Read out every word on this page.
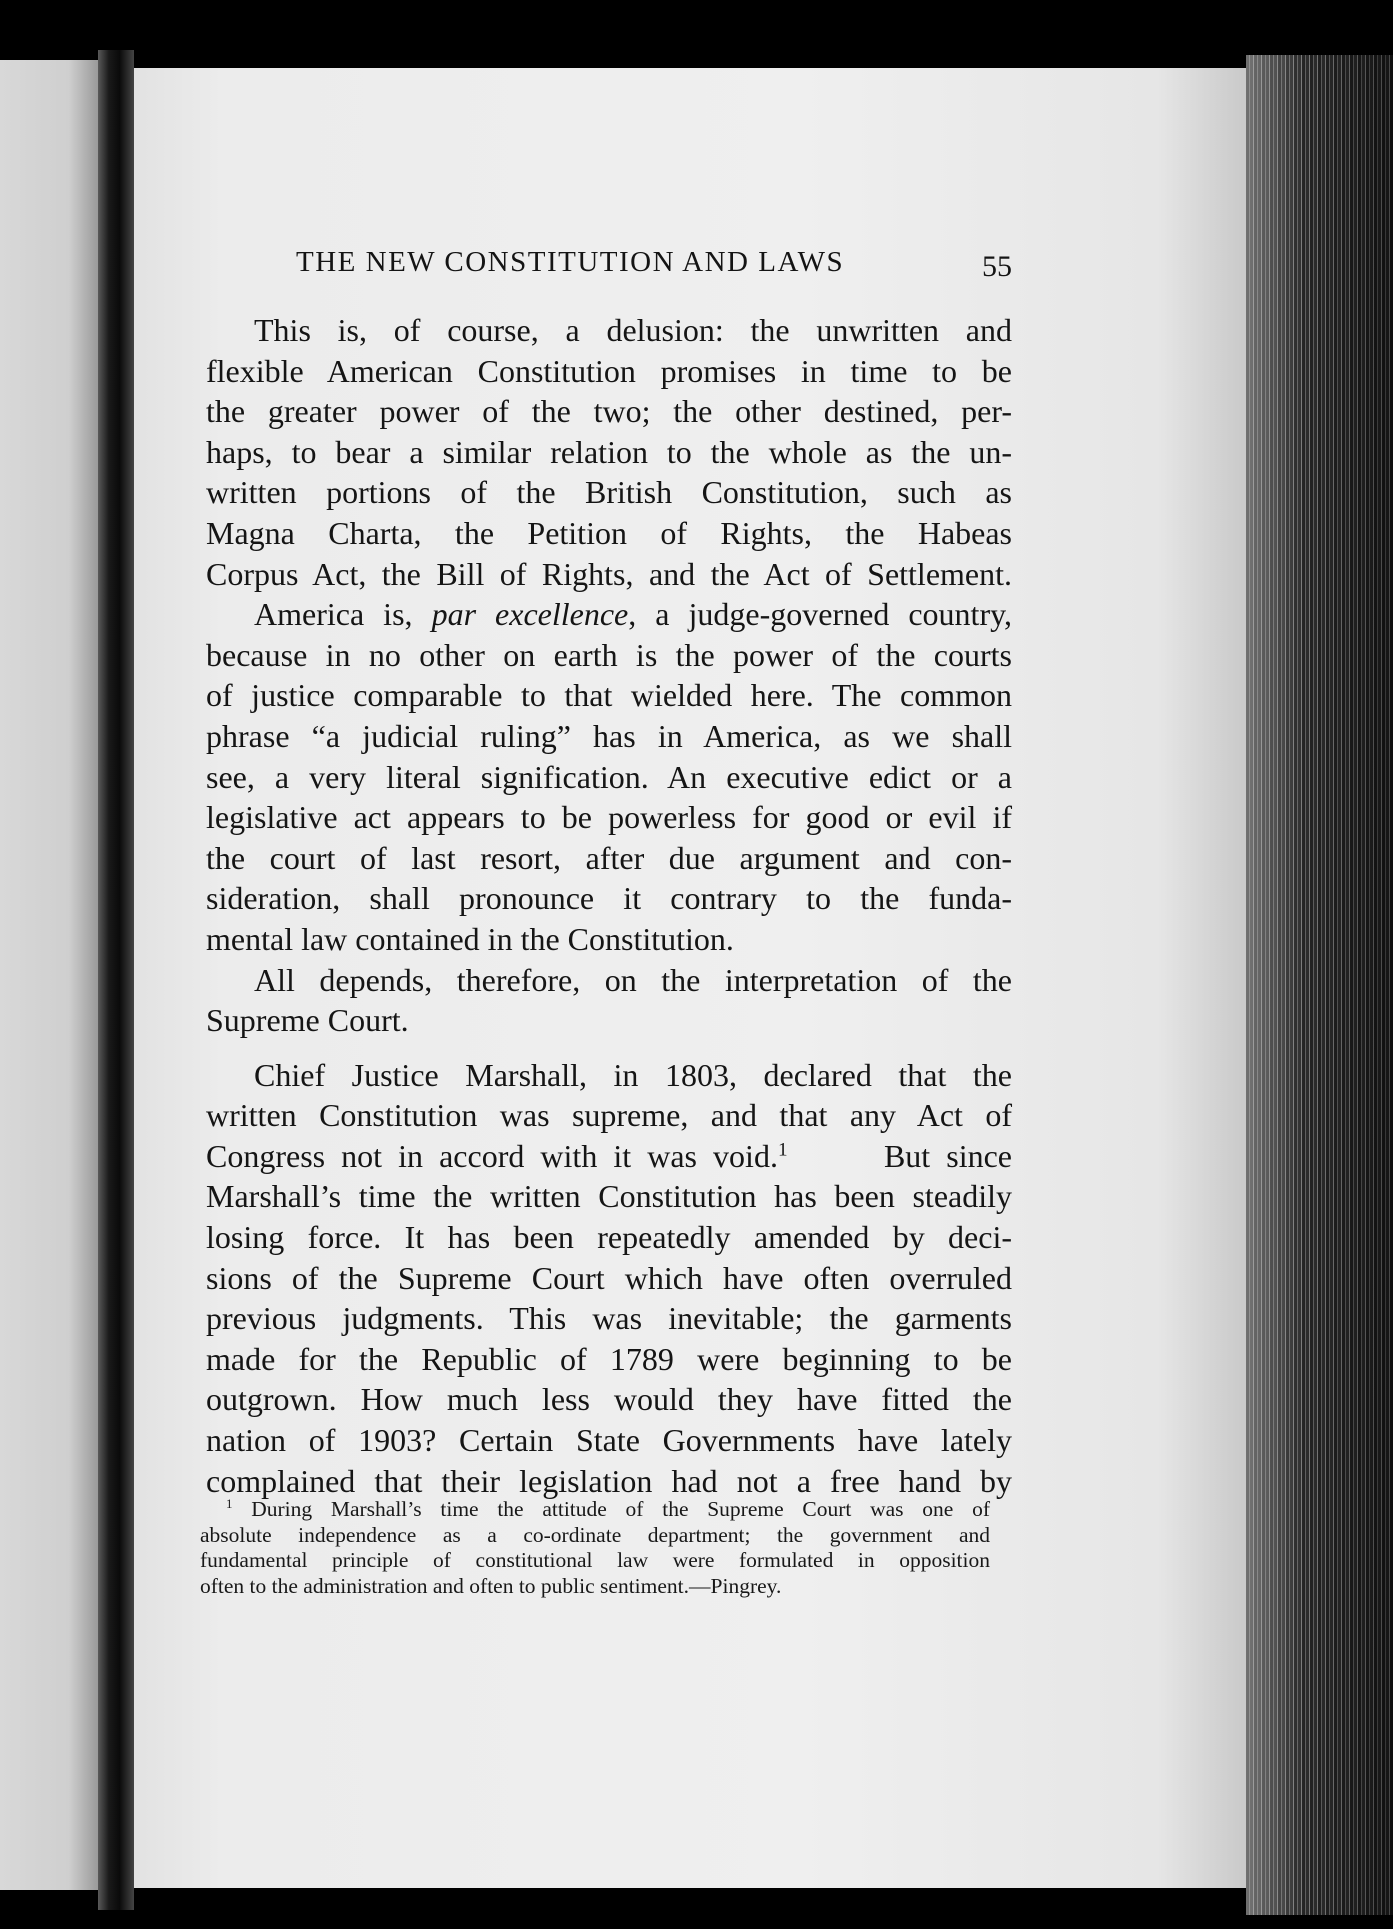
THE NEW CONSTITUTION AND LAWS	55
This is, of course, a delusion: the unwritten and
flexible American Constitution promises in time to be
the greater power of the two; the other destined, per-
haps, to bear a similar relation to the whole as the un-
written portions of the British Constitution, such as
Magna Charta, the Petition of Rights, the Habeas
Corpus Act, the Bill of Rights, and the Act of Settlement.
America is, par excellence, a judge-governed country,
because in no other on earth is the power of the courts
of justice comparable to that wielded here. The common
phrase “a judicial ruling” has in America, as we shall
see, a very literal signification. An executive edict or a
legislative act appears to be powerless for good or evil if
the court of last resort, after due argument and con-
sideration, shall pronounce it contrary to the funda-
mental law contained in the Constitution.
All depends, therefore, on the interpretation of the
Supreme Court.
Chief Justice Marshall, in 1803, declared that the
written Constitution was supreme, and that any Act of
Congress not in accord with it was void.$^1$	But since
Marshall’s time the written Constitution has been steadily
losing force. It has been repeatedly amended by deci-
sions of the Supreme Court which have often overruled
previous judgments. This was inevitable; the garments
made for the Republic of 1789 were beginning to be
outgrown. How much less would they have fitted the
nation of 1903? Certain State Governments have lately
complained that their legislation had not a free hand by
$^1$ During Marshall’s time the attitude of the Supreme Court was one of
absolute independence as a co-ordinate department; the government and
fundamental principle of constitutional law were formulated in opposition
often to the administration and often to public sentiment.—Pingrey.
